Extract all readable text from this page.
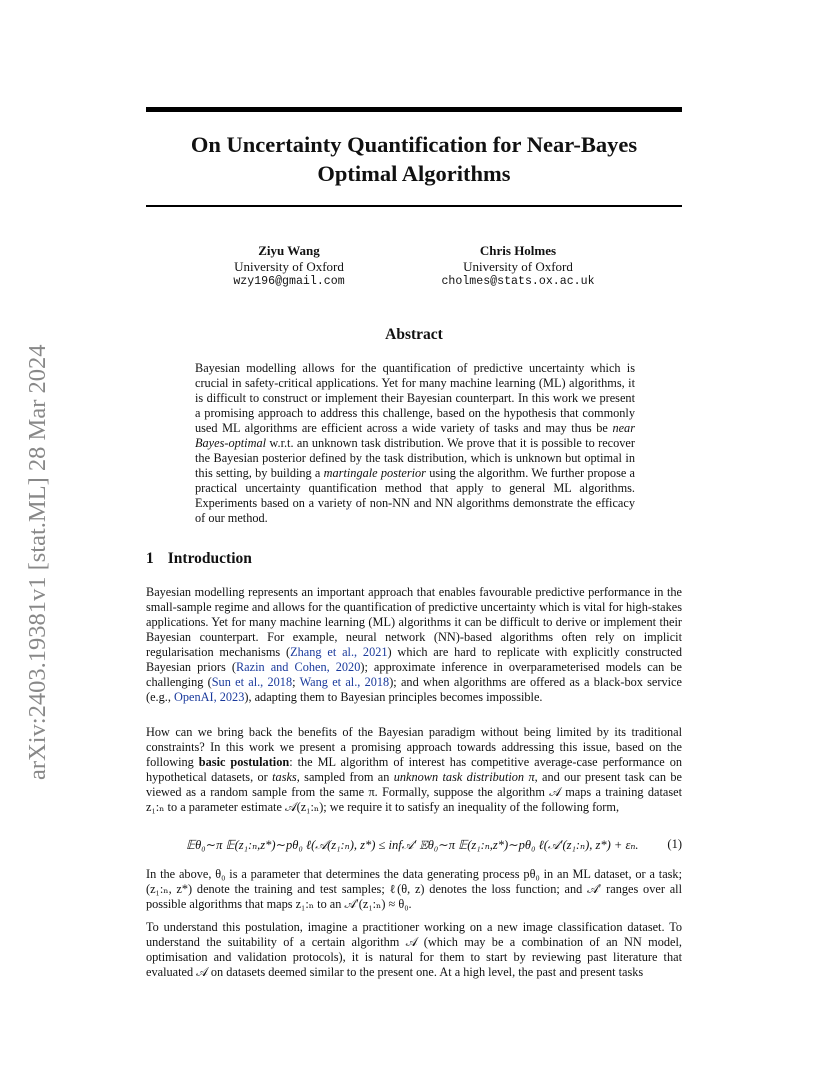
arXiv:2403.19381v1 [stat.ML] 28 Mar 2024
On Uncertainty Quantification for Near-Bayes
Optimal Algorithms
Ziyu Wang
University of Oxford
wzy196@gmail.com
Chris Holmes
University of Oxford
cholmes@stats.ox.ac.uk
Abstract

Bayesian modelling allows for the quantification of predictive uncertainty which is crucial in safety-critical applications. Yet for many machine learning (ML) algorithms, it is difficult to construct or implement their Bayesian counterpart. In this work we present a promising approach to address this challenge, based on the hypothesis that commonly used ML algorithms are efficient across a wide variety of tasks and may thus be near Bayes-optimal w.r.t. an unknown task distribution. We prove that it is possible to recover the Bayesian posterior defined by the task distribution, which is unknown but optimal in this setting, by building a martingale posterior using the algorithm. We further propose a practical uncertainty quantification method that apply to general ML algorithms. Experiments based on a variety of non-NN and NN algorithms demonstrate the efficacy of our method.

1 Introduction

Bayesian modelling represents an important approach that enables favourable predictive performance in the small-sample regime and allows for the quantification of predictive uncertainty which is vital for high-stakes applications. Yet for many machine learning (ML) algorithms it can be difficult to derive or implement their Bayesian counterpart. For example, neural network (NN)-based algorithms often rely on implicit regularisation mechanisms (Zhang et al., 2021) which are hard to replicate with explicitly constructed Bayesian priors (Razin and Cohen, 2020); approximate inference in overparameterised models can be challenging (Sun et al., 2018; Wang et al., 2018); and when algorithms are offered as a black-box service (e.g., OpenAI, 2023), adapting them to Bayesian principles becomes impossible.

How can we bring back the benefits of the Bayesian paradigm without being limited by its traditional constraints? In this work we present a promising approach towards addressing this issue, based on the following basic postulation: the ML algorithm of interest has competitive average-case performance on hypothetical datasets, or tasks, sampled from an unknown task distribution π, and our present task can be viewed as a random sample from the same π. Formally, suppose the algorithm 𝒜 maps a training dataset z₁:ₙ to a parameter estimate 𝒜(z₁:ₙ); we require it to satisfy an inequality of the following form,

𝔼θ₀∼π 𝔼(z₁:ₙ,z*)∼pθ₀ ℓ(𝒜(z₁:ₙ), z*) ≤ inf𝒜′ 𝔼θ₀∼π 𝔼(z₁:ₙ,z*)∼pθ₀ ℓ(𝒜′(z₁:ₙ), z*) + εₙ. (1)

In the above, θ₀ is a parameter that determines the data generating process pθ₀ in an ML dataset, or a task; (z₁:ₙ, z*) denote the training and test samples; ℓ(θ, z) denotes the loss function; and 𝒜′ ranges over all possible algorithms that maps z₁:ₙ to an 𝒜′(z₁:ₙ) ≈ θ₀.

To understand this postulation, imagine a practitioner working on a new image classification dataset. To understand the suitability of a certain algorithm 𝒜 (which may be a combination of an NN model, optimisation and validation protocols), it is natural for them to start by reviewing past literature that evaluated 𝒜 on datasets deemed similar to the present one. At a high level, the past and present tasks
